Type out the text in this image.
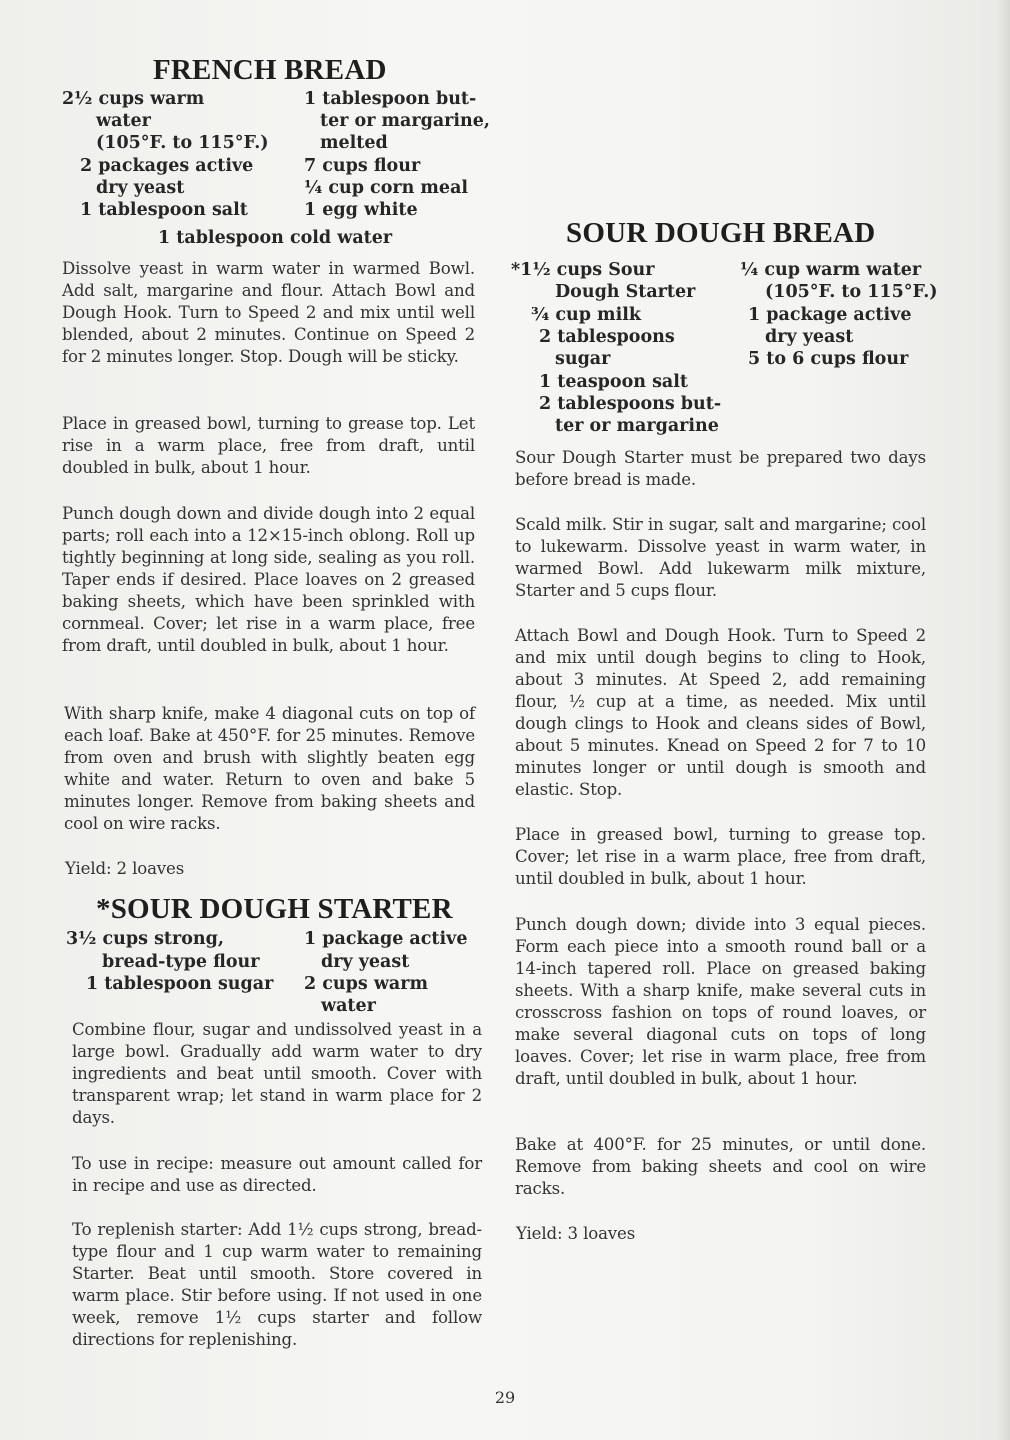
FRENCH BREAD

2½ cups warm

water

(105°F. to 115°F.)

2 packages active

dry yeast

1 tablespoon salt

1 tablespoon but-

ter or margarine,

melted

7 cups flour

¼ cup corn meal

1 egg white

1 tablespoon cold water

Dissolve yeast in warm water in warmed Bowl. Add salt, margarine and flour. Attach Bowl and Dough Hook. Turn to Speed 2 and mix until well blended, about 2 minutes. Continue on Speed 2 for 2 minutes longer. Stop. Dough will be sticky.

Place in greased bowl, turning to grease top. Let rise in a warm place, free from draft, until doubled in bulk, about 1 hour.

Punch dough down and divide dough into 2 equal parts; roll each into a 12×15-inch oblong. Roll up tightly beginning at long side, sealing as you roll. Taper ends if desired. Place loaves on 2 greased baking sheets, which have been sprinkled with cornmeal. Cover; let rise in a warm place, free from draft, until doubled in bulk, about 1 hour.

With sharp knife, make 4 diagonal cuts on top of each loaf. Bake at 450°F. for 25 minutes. Remove from oven and brush with slightly beaten egg white and water. Return to oven and bake 5 minutes longer. Remove from baking sheets and cool on wire racks.

Yield: 2 loaves

*SOUR DOUGH STARTER

3½ cups strong,

bread-type flour

1 tablespoon sugar

1 package active

dry yeast

2 cups warm

water

Combine flour, sugar and undissolved yeast in a large bowl. Gradually add warm water to dry ingredients and beat until smooth. Cover with transparent wrap; let stand in warm place for 2 days.

To use in recipe: measure out amount called for in recipe and use as directed.

To replenish starter: Add 1½ cups strong, bread-type flour and 1 cup warm water to remaining Starter. Beat until smooth. Store covered in warm place. Stir before using. If not used in one week, remove 1½ cups starter and follow directions for replenishing.

SOUR DOUGH BREAD

*1½ cups Sour

Dough Starter

¾ cup milk

2 tablespoons

sugar

1 teaspoon salt

2 tablespoons but-

ter or margarine

¼ cup warm water

(105°F. to 115°F.)

1 package active

dry yeast

5 to 6 cups flour

Sour Dough Starter must be prepared two days before bread is made.

Scald milk. Stir in sugar, salt and margarine; cool to lukewarm. Dissolve yeast in warm water, in warmed Bowl. Add lukewarm milk mixture, Starter and 5 cups flour.

Attach Bowl and Dough Hook. Turn to Speed 2 and mix until dough begins to cling to Hook, about 3 minutes. At Speed 2, add remaining flour, ½ cup at a time, as needed. Mix until dough clings to Hook and cleans sides of Bowl, about 5 minutes. Knead on Speed 2 for 7 to 10 minutes longer or until dough is smooth and elastic. Stop.

Place in greased bowl, turning to grease top. Cover; let rise in a warm place, free from draft, until doubled in bulk, about 1 hour.

Punch dough down; divide into 3 equal pieces. Form each piece into a smooth round ball or a 14-inch tapered roll. Place on greased baking sheets. With a sharp knife, make several cuts in crosscross fashion on tops of round loaves, or make several diagonal cuts on tops of long loaves. Cover; let rise in warm place, free from draft, until doubled in bulk, about 1 hour.

Bake at 400°F. for 25 minutes, or until done. Remove from baking sheets and cool on wire racks.

Yield: 3 loaves

29
